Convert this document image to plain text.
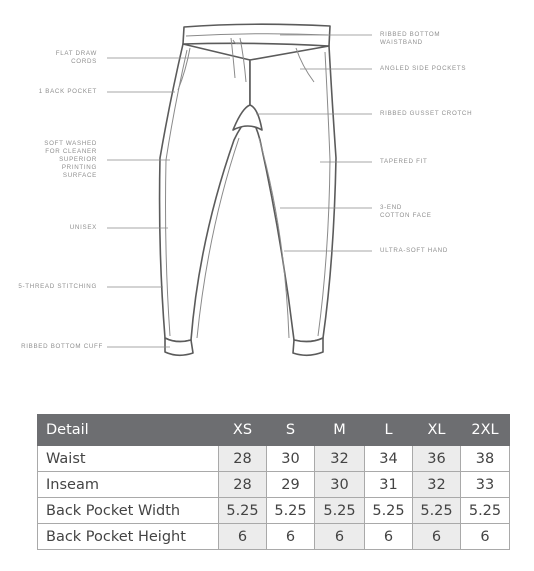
FLAT DRAW
CORDS
1 BACK POCKET
SOFT WASHED
FOR CLEANER
SUPERIOR
PRINTING
SURFACE
UNISEX
5-THREAD STITCHING
RIBBED BOTTOM CUFF
RIBBED BOTTOM
WAISTBAND
ANGLED SIDE POCKETS
RIBBED GUSSET CROTCH
TAPERED FIT
3-END
COTTON FACE
ULTRA-SOFT HAND
Detail	XS	S	M	L	XL	2XL
Waist	28	30	32	34	36	38
Inseam	28	29	30	31	32	33
Back Pocket Width	5.25	5.25	5.25	5.25	5.25	5.25
Back Pocket Height	6	6	6	6	6	6
